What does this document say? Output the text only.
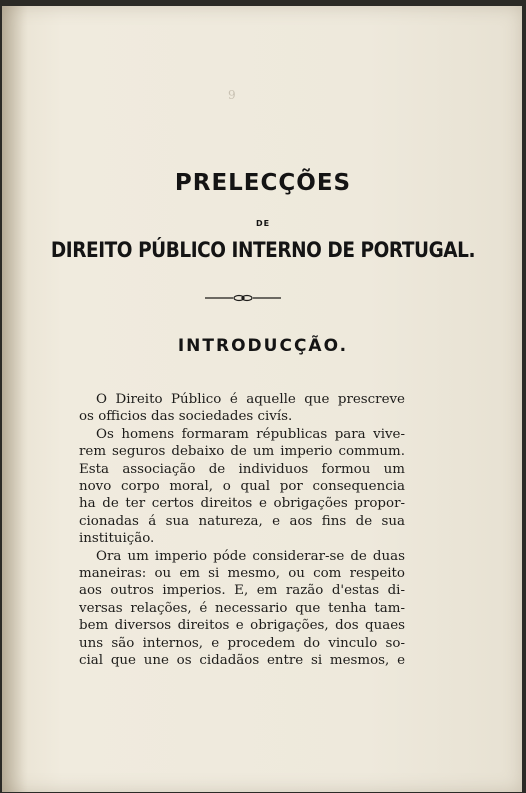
9
PRELECÇÕES
DE
DIREITO PÚBLICO INTERNO DE PORTUGAL.
INTRODUCÇÃO.
O Direito Público é aquelle que prescreve
os officios das sociedades civís.
Os homens formaram républicas para vive-
rem seguros debaixo de um imperio commum.
Esta associação de individuos formou um
novo corpo moral, o qual por consequencia
ha de ter certos direitos e obrigações propor-
cionadas á sua natureza, e aos fins de sua
instituição.
Ora um imperio póde considerar-se de duas
maneiras: ou em si mesmo, ou com respeito
aos outros imperios. E, em razão d'estas di-
versas relações, é necessario que tenha tam-
bem diversos direitos e obrigações, dos quaes
uns são internos, e procedem do vinculo so-
cial que une os cidadãos entre si mesmos, e
